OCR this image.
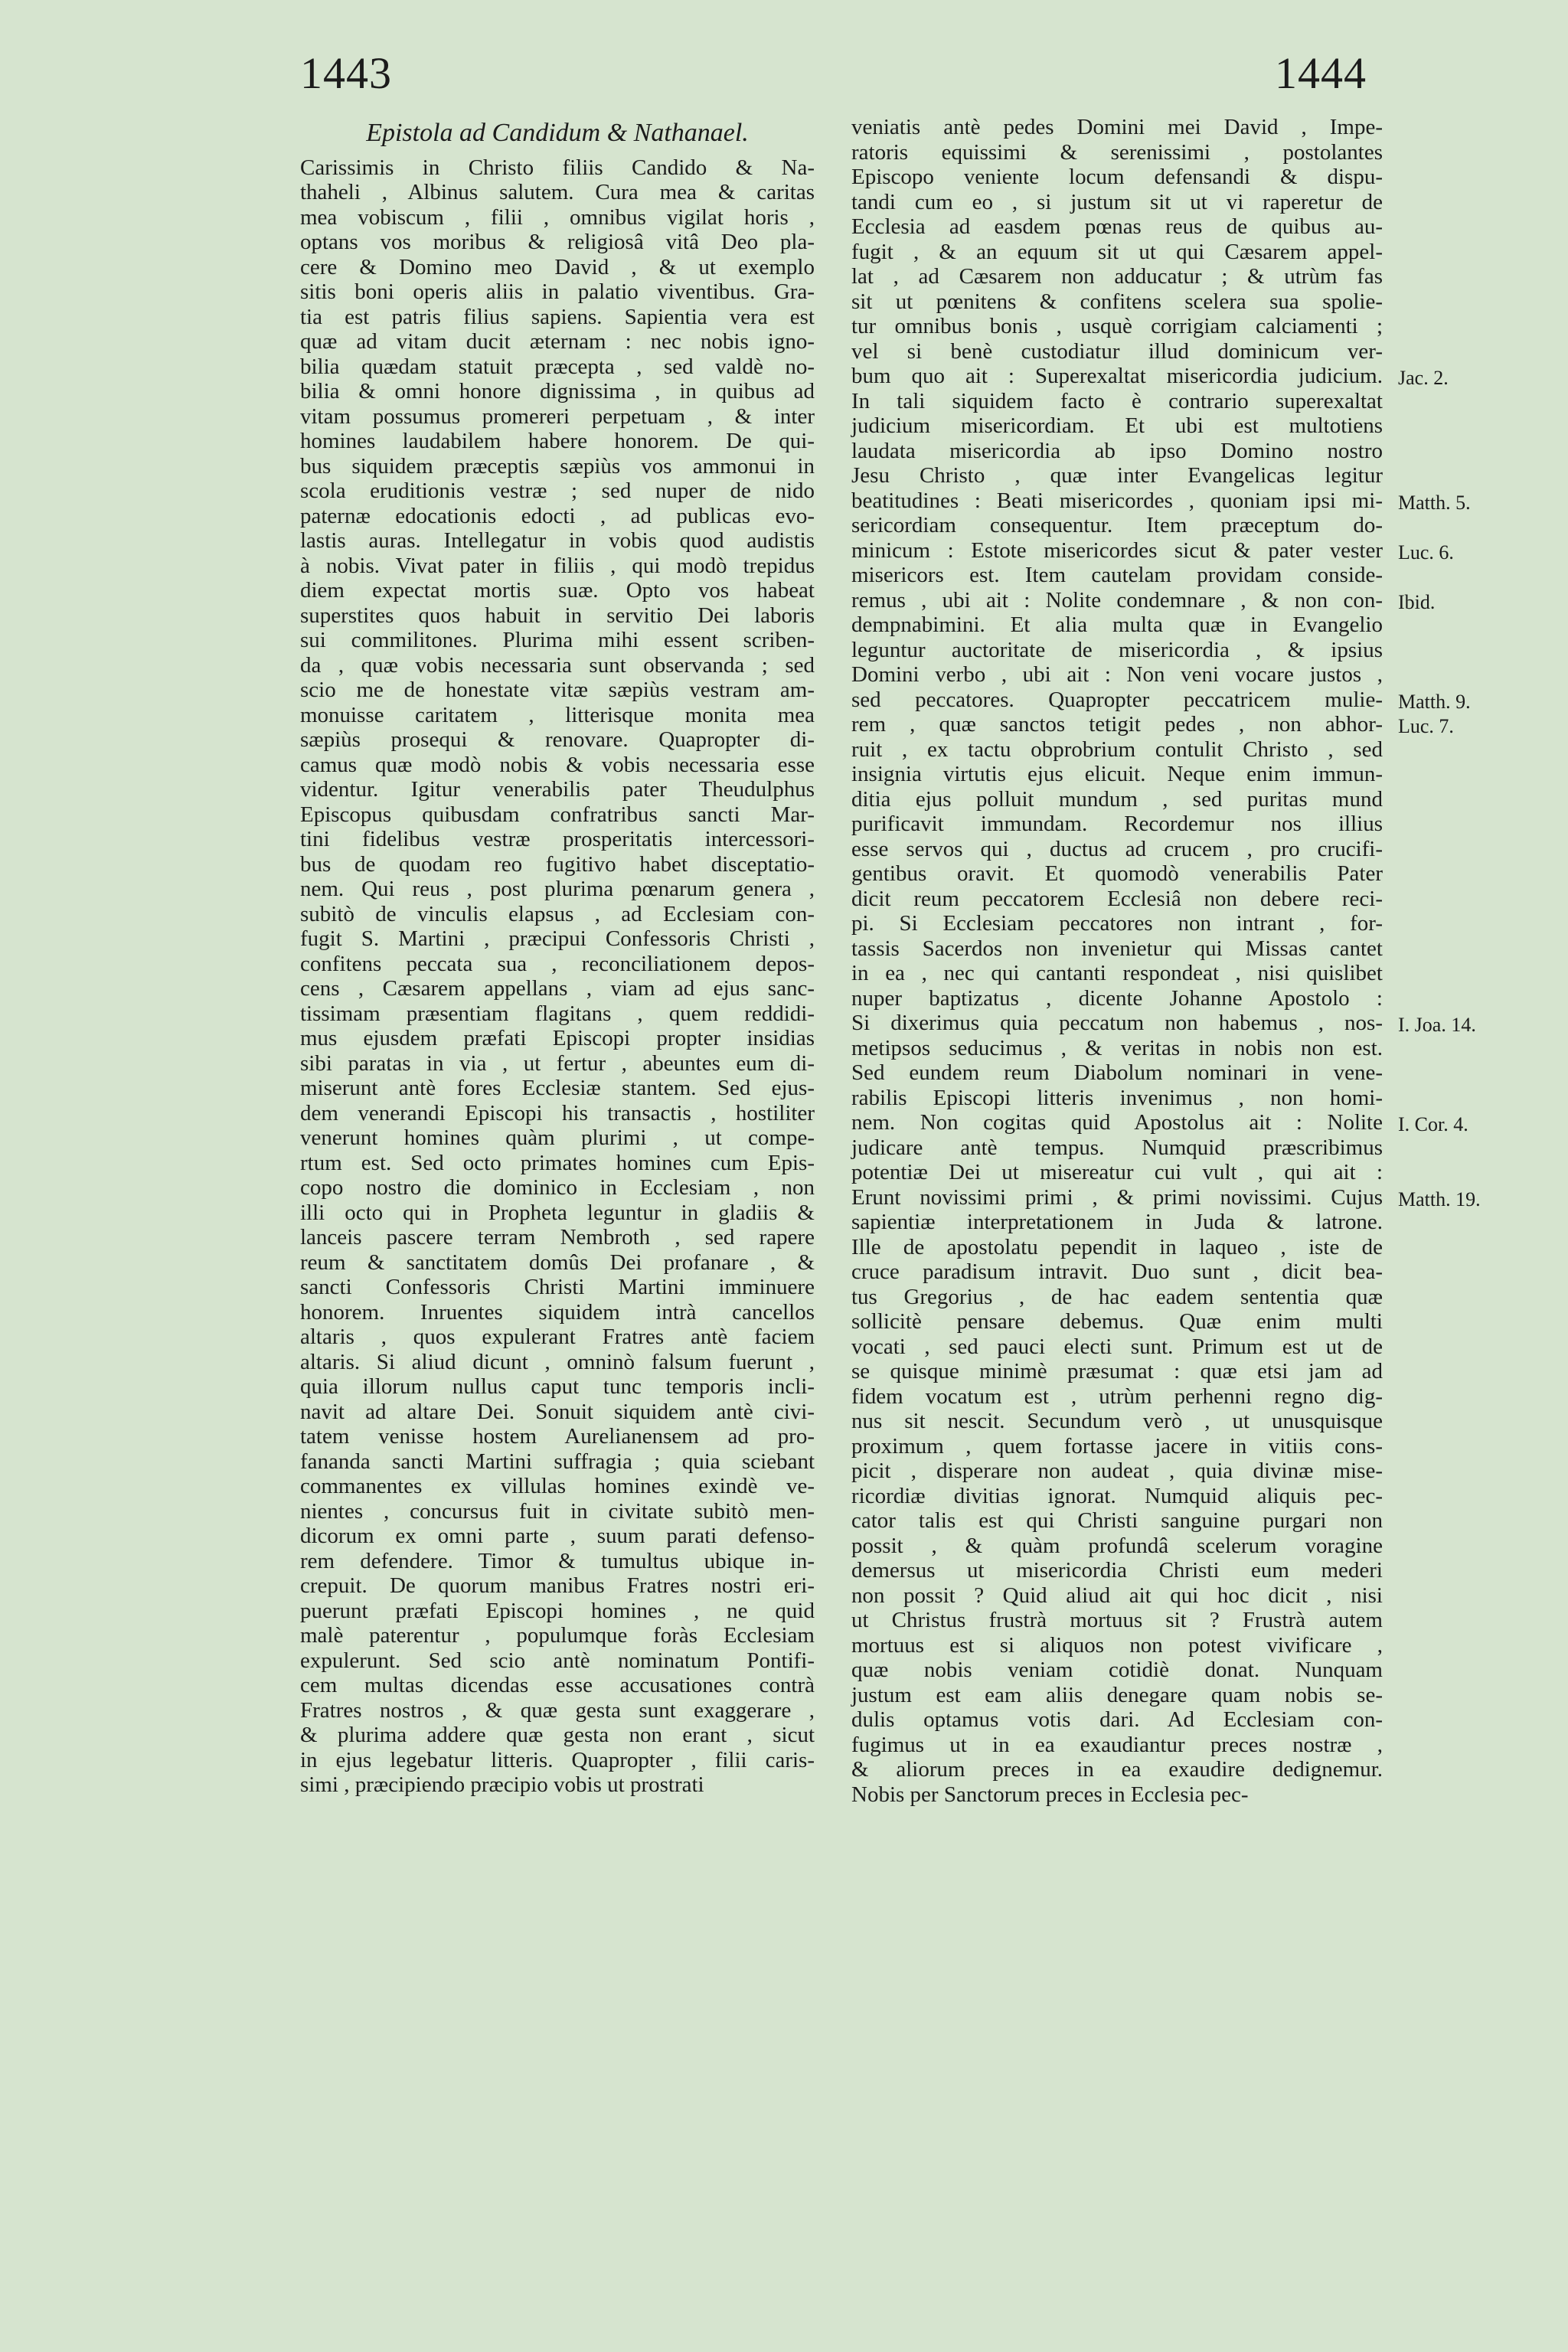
1443	1444
Epistola ad Candidum & Nathanael.
Carissimis in Christo filiis Candido & Na-
thaheli , Albinus salutem. Cura mea & caritas
mea vobiscum , filii , omnibus vigilat horis ,
optans vos moribus & religiosâ vitâ Deo pla-
cere & Domino meo David , & ut exemplo
sitis boni operis aliis in palatio viventibus. Gra-
tia est patris filius sapiens. Sapientia vera est
quæ ad vitam ducit æternam : nec nobis igno-
bilia quædam statuit præcepta , sed valdè no-
bilia & omni honore dignissima , in quibus ad
vitam possumus promereri perpetuam , & inter
homines laudabilem habere honorem. De qui-
bus siquidem præceptis sæpiùs vos ammonui in
scola eruditionis vestræ ; sed nuper de nido
paternæ edocationis edocti , ad publicas evo-
lastis auras. Intellegatur in vobis quod audistis
à nobis. Vivat pater in filiis , qui modò trepidus
diem expectat mortis suæ. Opto vos habeat
superstites quos habuit in servitio Dei laboris
sui commilitones. Plurima mihi essent scriben-
da , quæ vobis necessaria sunt observanda ; sed
scio me de honestate vitæ sæpiùs vestram am-
monuisse caritatem , litterisque monita mea
sæpiùs prosequi & renovare. Quapropter di-
camus quæ modò nobis & vobis necessaria esse
videntur. Igitur venerabilis pater Theudulphus
Episcopus quibusdam confratribus sancti Mar-
tini fidelibus vestræ prosperitatis intercessori-
bus de quodam reo fugitivo habet disceptatio-
nem. Qui reus , post plurima pœnarum genera ,
subitò de vinculis elapsus , ad Ecclesiam con-
fugit S. Martini , præcipui Confessoris Christi ,
confitens peccata sua , reconciliationem depos-
cens , Cæsarem appellans , viam ad ejus sanc-
tissimam præsentiam flagitans , quem reddidi-
mus ejusdem præfati Episcopi propter insidias
sibi paratas in via , ut fertur , abeuntes eum di-
miserunt antè fores Ecclesiæ stantem. Sed ejus-
dem venerandi Episcopi his transactis , hostiliter
venerunt homines quàm plurimi , ut compe-
rtum est. Sed octo primates homines cum Epis-
copo nostro die dominico in Ecclesiam , non
illi octo qui in Propheta leguntur in gladiis &
lanceis pascere terram Nembroth , sed rapere
reum & sanctitatem domûs Dei profanare , &
sancti Confessoris Christi Martini imminuere
honorem. Inruentes siquidem intrà cancellos
altaris , quos expulerant Fratres antè faciem
altaris. Si aliud dicunt , omninò falsum fuerunt ,
quia illorum nullus caput tunc temporis incli-
navit ad altare Dei. Sonuit siquidem antè civi-
tatem venisse hostem Aurelianensem ad pro-
fananda sancti Martini suffragia ; quia sciebant
commanentes ex villulas homines exindè ve-
nientes , concursus fuit in civitate subitò men-
dicorum ex omni parte , suum parati defenso-
rem defendere. Timor & tumultus ubique in-
crepuit. De quorum manibus Fratres nostri eri-
puerunt præfati Episcopi homines , ne quid
malè paterentur , populumque foràs Ecclesiam
expulerunt. Sed scio antè nominatum Pontifi-
cem multas dicendas esse accusationes contrà
Fratres nostros , & quæ gesta sunt exaggerare ,
& plurima addere quæ gesta non erant , sicut
in ejus legebatur litteris. Quapropter , filii caris-
simi , præcipiendo præcipio vobis ut prostrati
veniatis antè pedes Domini mei David , Impe-
ratoris equissimi & serenissimi , postolantes
Episcopo veniente locum defensandi & dispu-
tandi cum eo , si justum sit ut vi raperetur de
Ecclesia ad easdem pœnas reus de quibus au-
fugit , & an equum sit ut qui Cæsarem appel-
lat , ad Cæsarem non adducatur ; & utrùm fas
sit ut pœnitens & confitens scelera sua spolie-
tur omnibus bonis , usquè corrigiam calciamenti ;
vel si benè custodiatur illud dominicum ver-
bum quo ait : Superexaltat misericordia judicium.
In tali siquidem facto è contrario superexaltat
judicium misericordiam. Et ubi est multotiens
laudata misericordia ab ipso Domino nostro
Jesu Christo , quæ inter Evangelicas legitur
beatitudines : Beati misericordes , quoniam ipsi mi-
sericordiam consequentur. Item præceptum do-
minicum : Estote misericordes sicut & pater vester
misericors est. Item cautelam providam conside-
remus , ubi ait : Nolite condemnare , & non con-
dempnabimini. Et alia multa quæ in Evangelio
leguntur auctoritate de misericordia , & ipsius
Domini verbo , ubi ait : Non veni vocare justos ,
sed peccatores. Quapropter peccatricem mulie-
rem , quæ sanctos tetigit pedes , non abhor-
ruit , ex tactu obprobrium contulit Christo , sed
insignia virtutis ejus elicuit. Neque enim immun-
ditia ejus polluit mundum , sed puritas mund
purificavit immundam. Recordemur nos illius
esse servos qui , ductus ad crucem , pro crucifi-
gentibus oravit. Et quomodò venerabilis Pater
dicit reum peccatorem Ecclesiâ non debere reci-
pi. Si Ecclesiam peccatores non intrant , for-
tassis Sacerdos non invenietur qui Missas cantet
in ea , nec qui cantanti respondeat , nisi quislibet
nuper baptizatus , dicente Johanne Apostolo :
Si dixerimus quia peccatum non habemus , nos-
metipsos seducimus , & veritas in nobis non est.
Sed eundem reum Diabolum nominari in vene-
rabilis Episcopi litteris invenimus , non homi-
nem. Non cogitas quid Apostolus ait : Nolite
judicare antè tempus. Numquid præscribimus
potentiæ Dei ut misereatur cui vult , qui ait :
Erunt novissimi primi , & primi novissimi. Cujus
sapientiæ interpretationem in Juda & latrone.
Ille de apostolatu pependit in laqueo , iste de
cruce paradisum intravit. Duo sunt , dicit bea-
tus Gregorius , de hac eadem sententia quæ
sollicitè pensare debemus. Quæ enim multi
vocati , sed pauci electi sunt. Primum est ut de
se quisque minimè præsumat : quæ etsi jam ad
fidem vocatum est , utrùm perhenni regno dig-
nus sit nescit. Secundum verò , ut unusquisque
proximum , quem fortasse jacere in vitiis cons-
picit , disperare non audeat , quia divinæ mise-
ricordiæ divitias ignorat. Numquid aliquis pec-
cator talis est qui Christi sanguine purgari non
possit , & quàm profundâ scelerum voragine
demersus ut misericordia Christi eum mederi
non possit ? Quid aliud ait qui hoc dicit , nisi
ut Christus frustrà mortuus sit ? Frustrà autem
mortuus est si aliquos non potest vivificare ,
quæ nobis veniam cotidiè donat. Nunquam
justum est eam aliis denegare quam nobis se-
dulis optamus votis dari. Ad Ecclesiam con-
fugimus ut in ea exaudiantur preces nostræ ,
& aliorum preces in ea exaudire dedignemur.
Nobis per Sanctorum preces in Ecclesia pec-
Jac. 2.
Matth. 5.
Luc. 6.
Ibid.
Matth. 9.
Luc. 7.
I. Joa. 14.
I. Cor. 4.
Matth. 19.
